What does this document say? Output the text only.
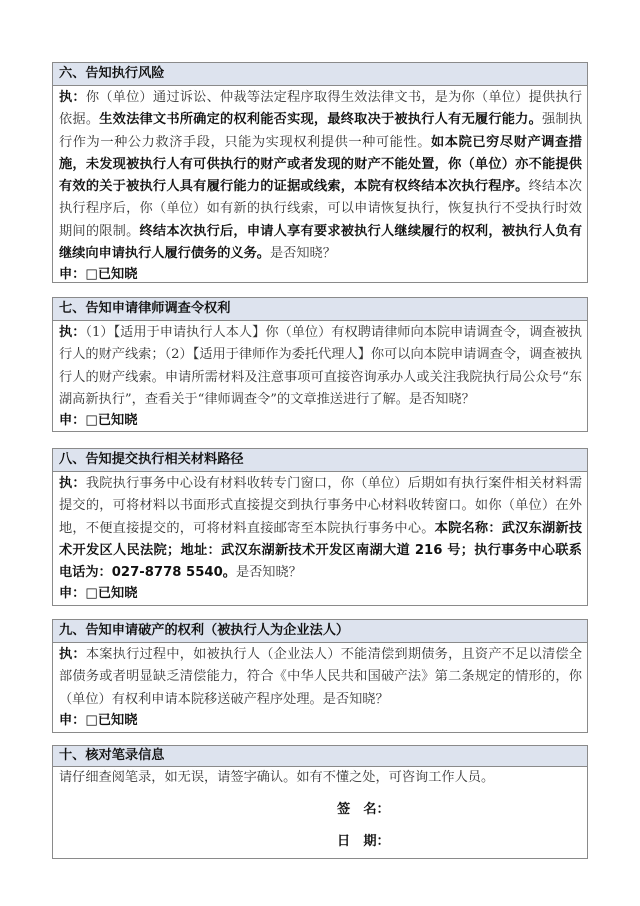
六、告知执行风险
执：你（单位）通过诉讼、仲裁等法定程序取得生效法律文书，是为你（单位）提供执行依据。生效法律文书所确定的权利能否实现，最终取决于被执行人有无履行能力。强制执行作为一种公力救济手段，只能为实现权利提供一种可能性。如本院已穷尽财产调查措施，未发现被执行人有可供执行的财产或者发现的财产不能处置，你（单位）亦不能提供有效的关于被执行人具有履行能力的证据或线索，本院有权终结本次执行程序。终结本次执行程序后，你（单位）如有新的执行线索，可以申请恢复执行，恢复执行不受执行时效期间的限制。终结本次执行后，申请人享有要求被执行人继续履行的权利，被执行人负有继续向申请执行人履行债务的义务。是否知晓？
申：□已知晓
七、告知申请律师调查令权利
执：（1）【适用于申请执行人本人】你（单位）有权聘请律师向本院申请调查令，调查被执行人的财产线索；（2）【适用于律师作为委托代理人】你可以向本院申请调查令，调查被执行人的财产线索。申请所需材料及注意事项可直接咨询承办人或关注我院执行局公众号“东湖高新执行”，查看关于“律师调查令”的文章推送进行了解。是否知晓？
申：□已知晓
八、告知提交执行相关材料路径
执：我院执行事务中心设有材料收转专门窗口，你（单位）后期如有执行案件相关材料需提交的，可将材料以书面形式直接提交到执行事务中心材料收转窗口。如你（单位）在外地，不便直接提交的，可将材料直接邮寄至本院执行事务中心。本院名称：武汉东湖新技术开发区人民法院；地址：武汉东湖新技术开发区南湖大道 216 号；执行事务中心联系电话为：027-8778 5540。是否知晓？
申：□已知晓
九、告知申请破产的权利（被执行人为企业法人）
执：本案执行过程中，如被执行人（企业法人）不能清偿到期债务，且资产不足以清偿全部债务或者明显缺乏清偿能力，符合《中华人民共和国破产法》第二条规定的情形的，你（单位）有权利申请本院移送破产程序处理。是否知晓？
申：□已知晓
十、核对笔录信息
请仔细查阅笔录，如无误，请签字确认。如有不懂之处，可咨询工作人员。
签　名：
日　期：
